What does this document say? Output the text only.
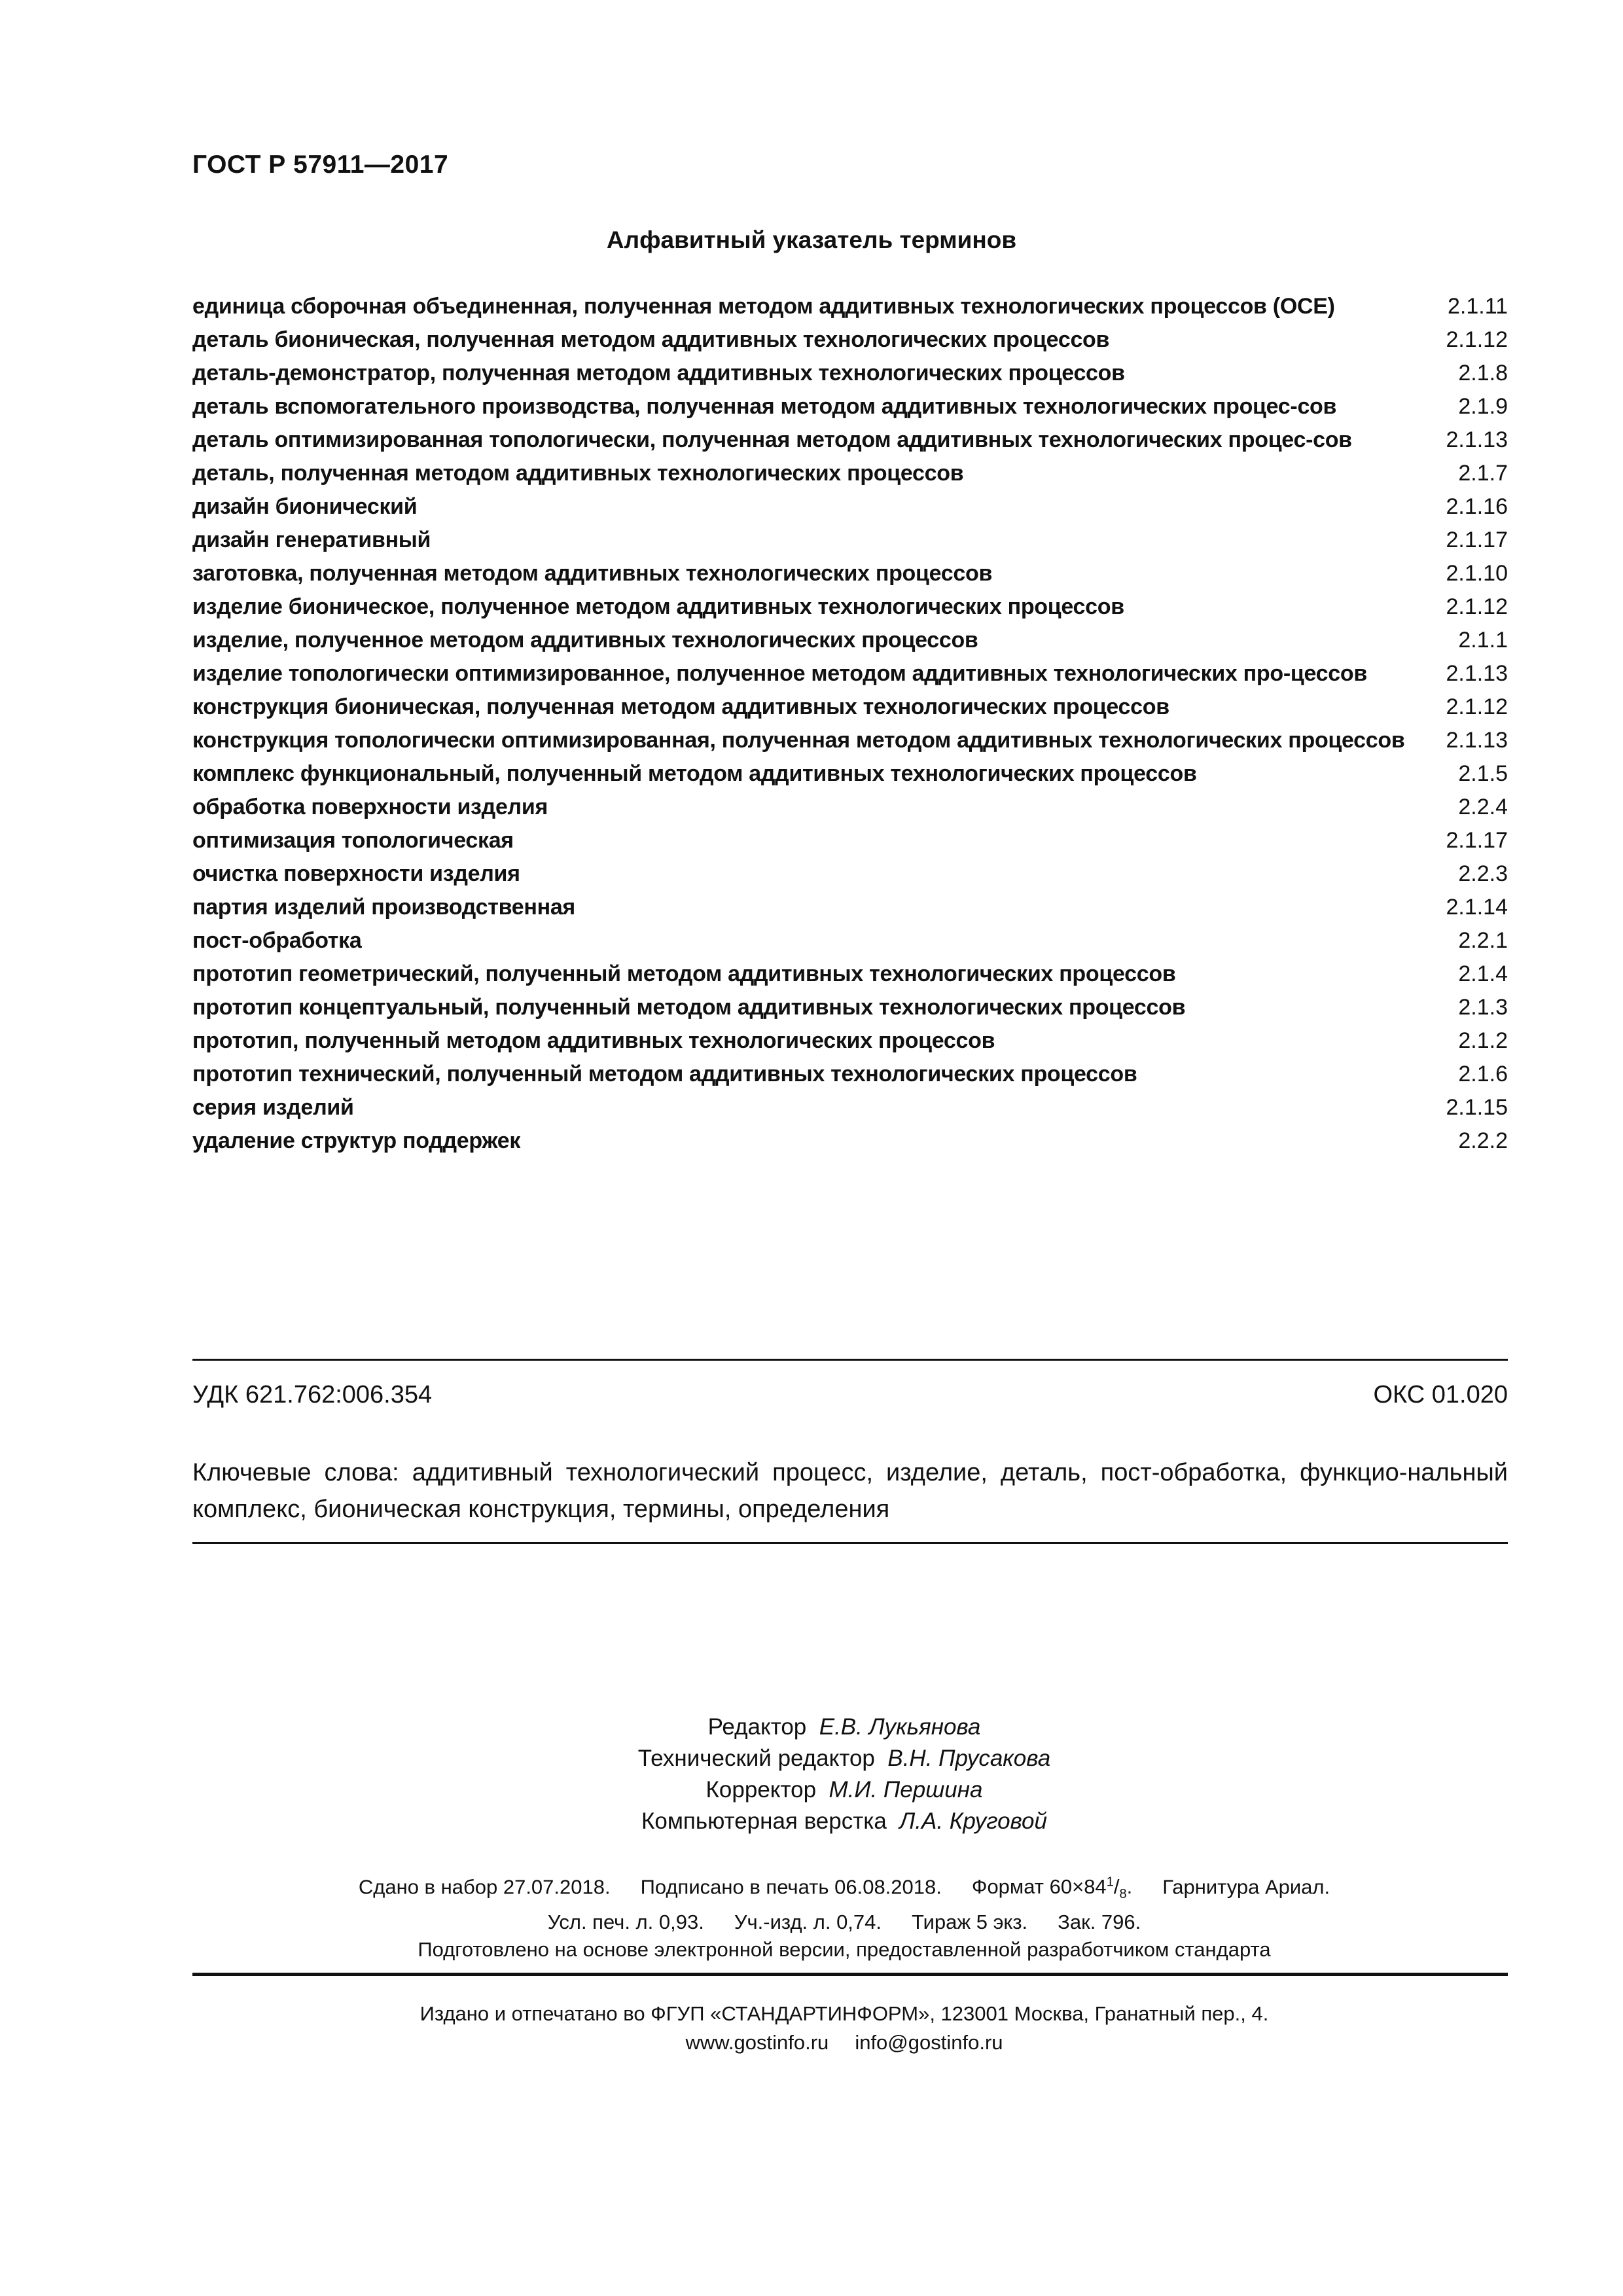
ГОСТ Р 57911—2017
Алфавитный указатель терминов
единица сборочная объединенная, полученная методом аддитивных технологических процессов (ОСЕ)	2.1.11
деталь бионическая, полученная методом аддитивных технологических процессов	2.1.12
деталь-демонстратор, полученная методом аддитивных технологических процессов	2.1.8
деталь вспомогательного производства, полученная методом аддитивных технологических процес-сов	2.1.9
деталь оптимизированная топологически, полученная методом аддитивных технологических процес-сов	2.1.13
деталь, полученная методом аддитивных технологических процессов	2.1.7
дизайн бионический	2.1.16
дизайн генеративный	2.1.17
заготовка, полученная методом аддитивных технологических процессов	2.1.10
изделие бионическое, полученное методом аддитивных технологических процессов	2.1.12
изделие, полученное методом аддитивных технологических процессов	2.1.1
изделие топологически оптимизированное, полученное методом аддитивных технологических про-цессов	2.1.13
конструкция бионическая, полученная методом аддитивных технологических процессов	2.1.12
конструкция топологически оптимизированная, полученная методом аддитивных технологических процессов	2.1.13
комплекс функциональный, полученный методом аддитивных технологических процессов	2.1.5
обработка поверхности изделия	2.2.4
оптимизация топологическая	2.1.17
очистка поверхности изделия	2.2.3
партия изделий производственная	2.1.14
пост-обработка	2.2.1
прототип геометрический, полученный методом аддитивных технологических процессов	2.1.4
прототип концептуальный, полученный методом аддитивных технологических процессов	2.1.3
прототип, полученный методом аддитивных технологических процессов	2.1.2
прототип технический, полученный методом аддитивных технологических процессов	2.1.6
серия изделий	2.1.15
удаление структур поддержек	2.2.2
УДК 621.762:006.354	ОКС 01.020
Ключевые слова: аддитивный технологический процесс, изделие, деталь, пост-обработка, функцио-нальный комплекс, бионическая конструкция, термины, определения
Редактор Е.В. Лукьянова
Технический редактор В.Н. Прусакова
Корректор М.И. Першина
Компьютерная верстка Л.А. Круговой
Сдано в набор 27.07.2018. Подписано в печать 06.08.2018. Формат $60\times 84^1/_8$. Гарнитура Ариал.
Усл. печ. л. 0,93. Уч.-изд. л. 0,74. Тираж 5 экз. Зак. 796.
Подготовлено на основе электронной версии, предоставленной разработчиком стандарта
Издано и отпечатано во ФГУП «СТАНДАРТИНФОРМ», 123001 Москва, Гранатный пер., 4.
www.gostinfo.ru info@gostinfo.ru
